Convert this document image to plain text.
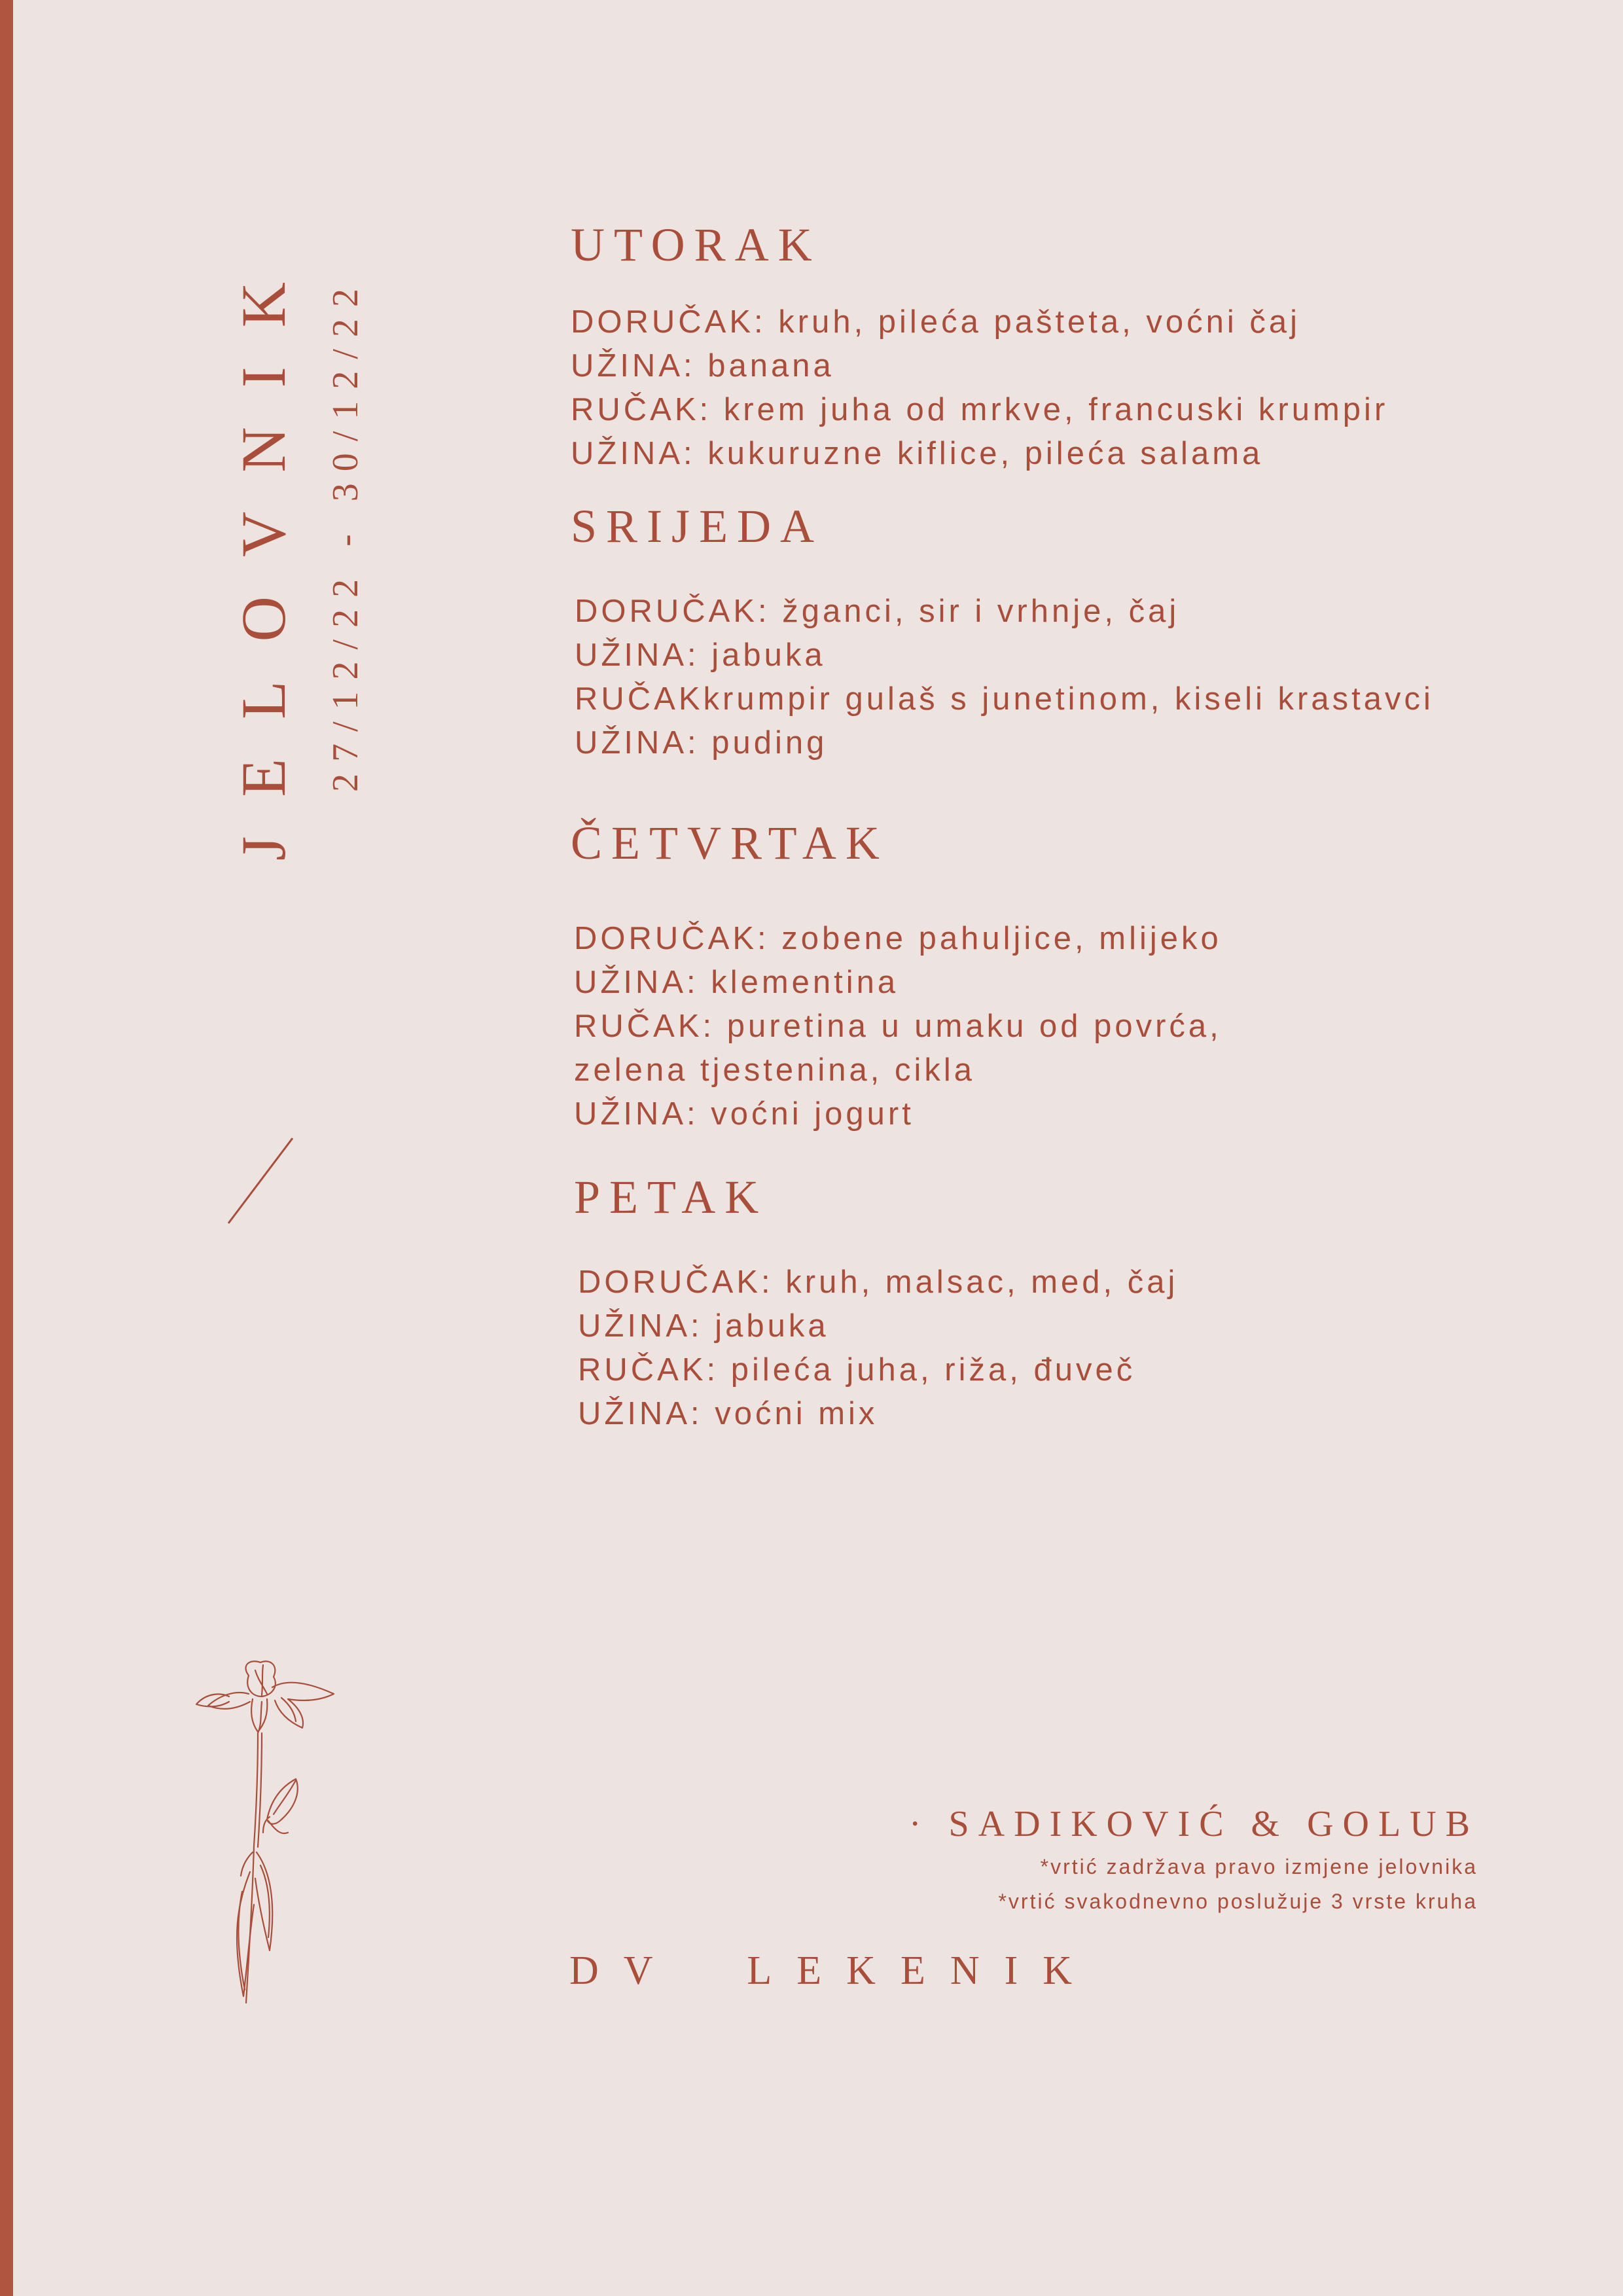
JELOVNIK 27/12/22 - 30/12/22
UTORAK
DORUČAK: kruh, pileća pašteta, voćni čaj
UŽINA: banana
RUČAK: krem juha od mrkve, francuski krumpir
UŽINA: kukuruzne kiflice, pileća salama
SRIJEDA
DORUČAK: žganci, sir i vrhnje, čaj
UŽINA: jabuka
RUČAKkrumpir gulaš s junetinom, kiseli krastavci
UŽINA: puding
ČETVRTAK
DORUČAK: zobene pahuljice, mlijeko
UŽINA: klementina
RUČAK: puretina u umaku od povrća,
zelena tjestenina, cikla
UŽINA: voćni jogurt
PETAK
DORUČAK: kruh, malsac, med, čaj
UŽINA: jabuka
RUČAK: pileća juha, riža, đuveč
UŽINA: voćni mix
· SADIKOVIĆ & GOLUB
*vrtić zadržava pravo izmjene jelovnika
*vrtić svakodnevno poslužuje 3 vrste kruha
DV  LEKENIK
